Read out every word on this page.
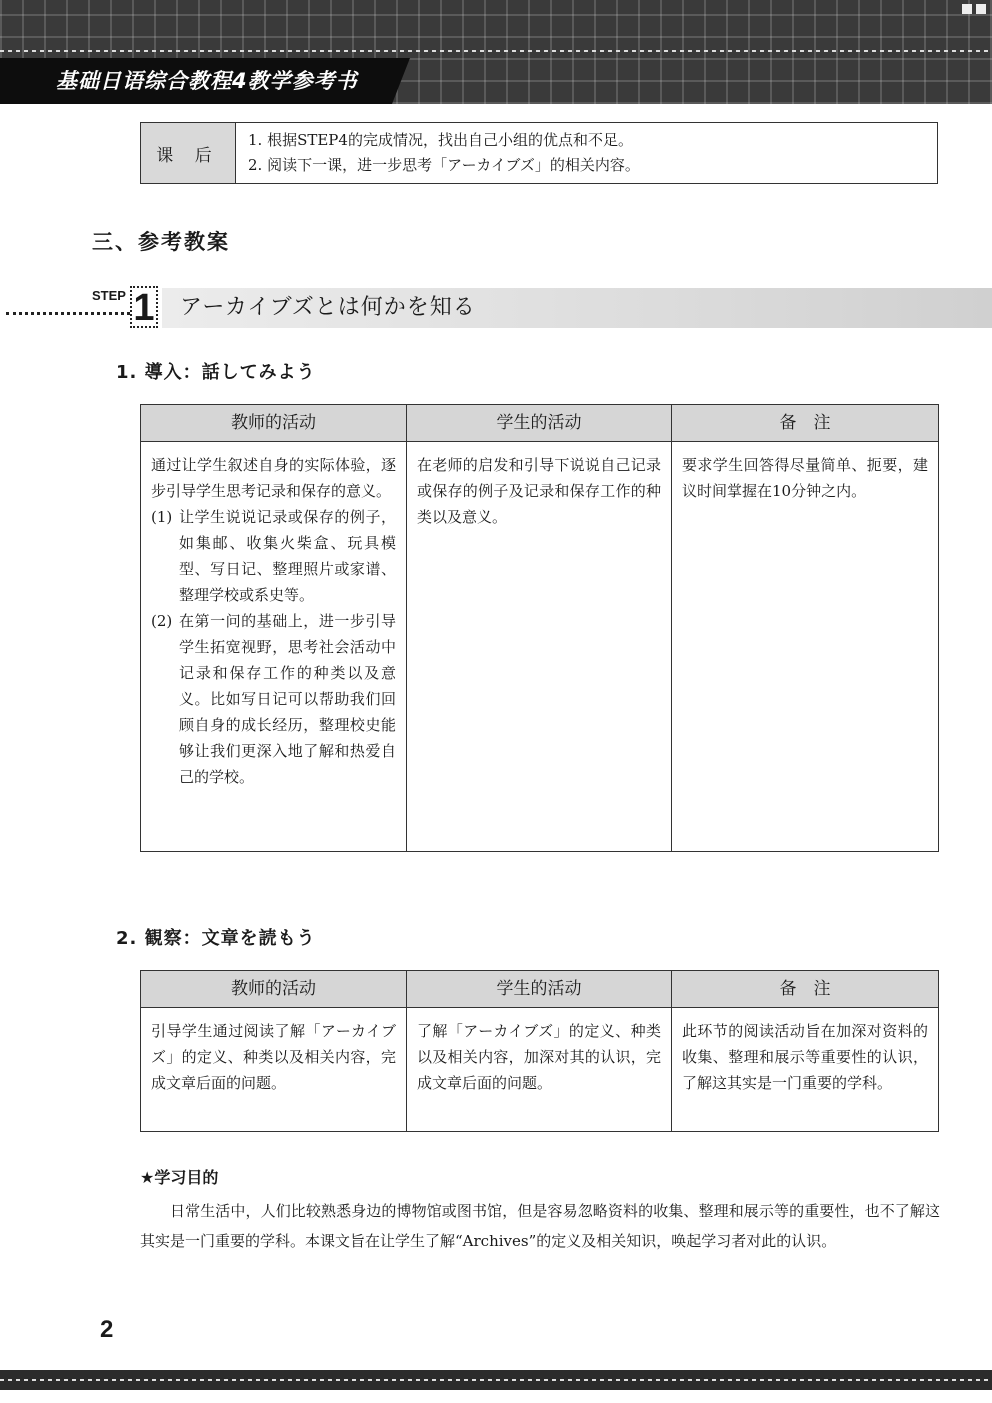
基础日语综合教程4教学参考书
课 后
1. 根据STEP4的完成情况，找出自己小组的优点和不足。
2. 阅读下一课，进一步思考「アーカイブズ」的相关内容。
三、参考教案
STEP 1 アーカイブズとは何かを知る
1. 導入：話してみよう
教师的活动	学生的活动	备　注

通过让学生叙述自身的实际体验，逐步引导学生思考记录和保存的意义。
(1) 让学生说说记录或保存的例子，如集邮、收集火柴盒、玩具模型、写日记、整理照片或家谱、整理学校或系史等。
(2) 在第一问的基础上，进一步引导学生拓宽视野，思考社会活动中记录和保存工作的种类以及意义。比如写日记可以帮助我们回顾自身的成长经历，整理校史能够让我们更深入地了解和热爱自己的学校。	在老师的启发和引导下说说自己记录或保存的例子及记录和保存工作的种类以及意义。	要求学生回答得尽量简单、扼要，建议时间掌握在10分钟之内。
2. 観察：文章を読もう
教师的活动	学生的活动	备　注
引导学生通过阅读了解「アーカイブズ」的定义、种类以及相关内容，完成文章后面的问题。	了解「アーカイブズ」的定义、种类以及相关内容，加深对其的认识，完成文章后面的问题。	此环节的阅读活动旨在加深对资料的收集、整理和展示等重要性的认识，了解这其实是一门重要的学科。
★学习目的
日常生活中，人们比较熟悉身边的博物馆或图书馆，但是容易忽略资料的收集、整理和展示等的重要性，也不了解这其实是一门重要的学科。本课文旨在让学生了解“Archives”的定义及相关知识，唤起学习者对此的认识。
2
